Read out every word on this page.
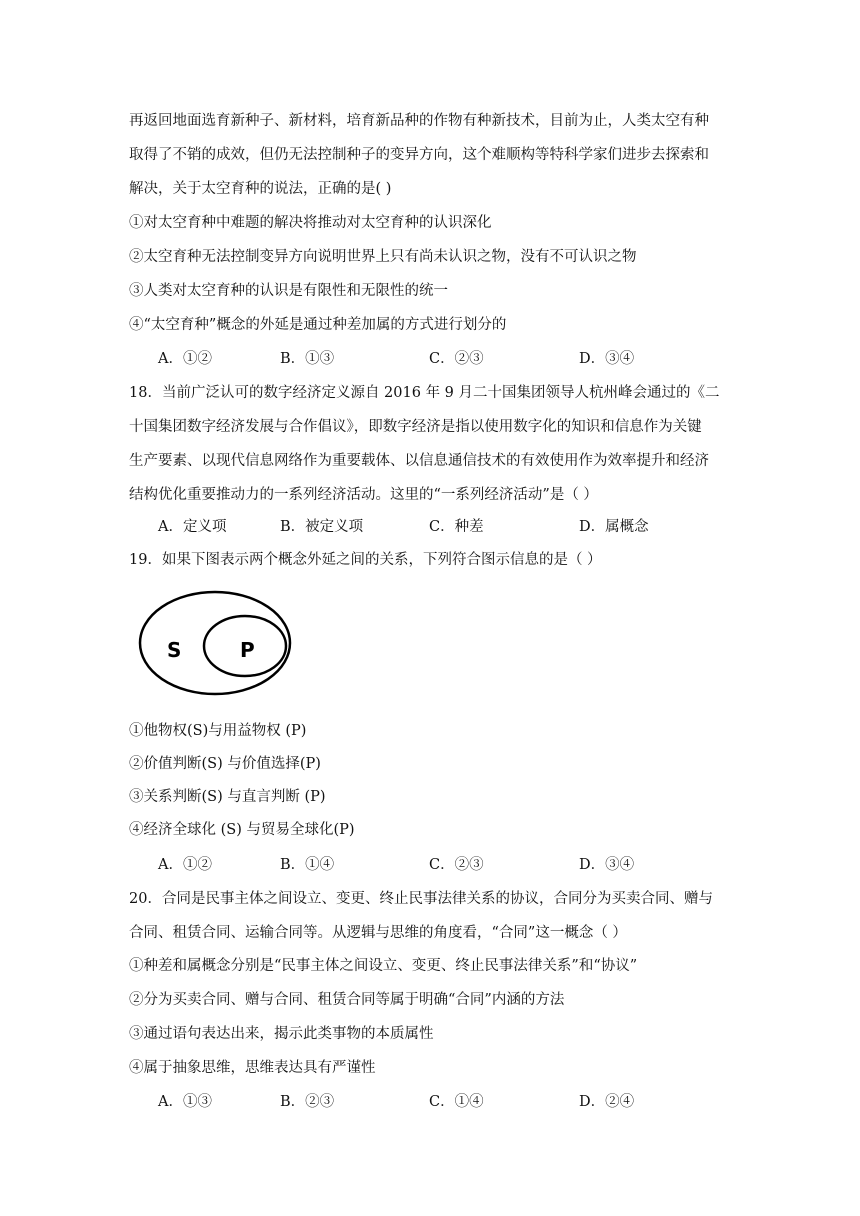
再返回地面选育新种子、新材料，培育新品种的作物有种新技术，目前为止，人类太空有种
取得了不销的成效，但仍无法控制种子的变异方向，这个难顺构等特科学家们进步去探索和
解决，关于太空育种的说法，正确的是( )
①对太空育种中难题的解决将推动对太空育种的认识深化
②太空育种无法控制变异方向说明世界上只有尚未认识之物，没有不可认识之物
③人类对太空育种的认识是有限性和无限性的统一
④“太空育种”概念的外延是通过种差加属的方式进行划分的
A．①②	B．①③	C．②③	D．③④
18．当前广泛认可的数字经济定义源自 2016 年 9 月二十国集团领导人杭州峰会通过的《二
十国集团数字经济发展与合作倡议》，即数字经济是指以使用数字化的知识和信息作为关键
生产要素、以现代信息网络作为重要载体、以信息通信技术的有效使用作为效率提升和经济
结构优化重要推动力的一系列经济活动。这里的“一系列经济活动”是（ ）
A．定义项	B．被定义项	C．种差	D．属概念
19．如果下图表示两个概念外延之间的关系，下列符合图示信息的是（ ）
S	P
①他物权(S)与用益物权 (P)
②价值判断(S) 与价值选择(P)
③关系判断(S) 与直言判断 (P)
④经济全球化 (S) 与贸易全球化(P)
A．①②	B．①④	C．②③	D．③④
20．合同是民事主体之间设立、变更、终止民事法律关系的协议，合同分为买卖合同、赠与
合同、租赁合同、运输合同等。从逻辑与思维的角度看，“合同”这一概念（ ）
①种差和属概念分别是“民事主体之间设立、变更、终止民事法律关系”和“协议”
②分为买卖合同、赠与合同、租赁合同等属于明确“合同”内涵的方法
③通过语句表达出来，揭示此类事物的本质属性
④属于抽象思维，思维表达具有严谨性
A．①③	B．②③	C．①④	D．②④
